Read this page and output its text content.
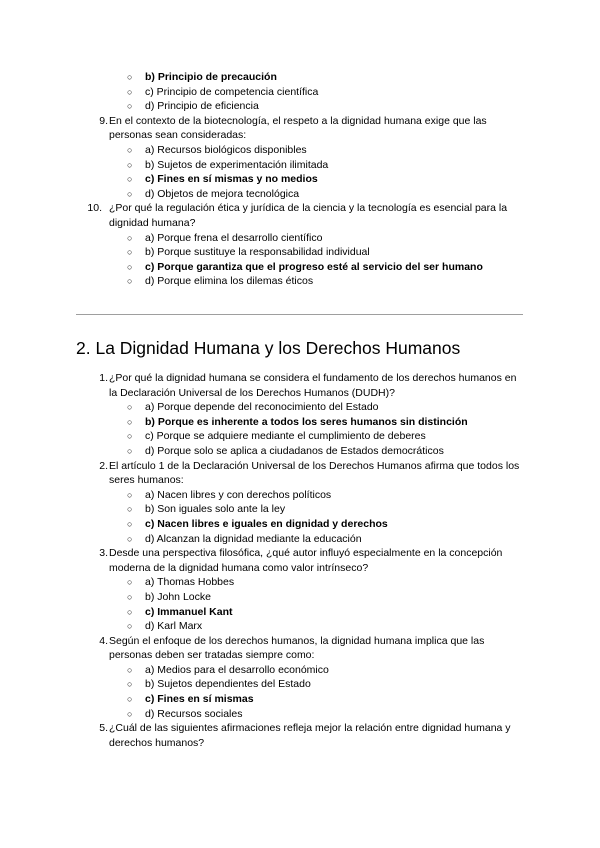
○ b) Principio de precaución
○ c) Principio de competencia científica
○ d) Principio de eficiencia
9. En el contexto de la biotecnología, el respeto a la dignidad humana exige que las personas sean consideradas:
○ a) Recursos biológicos disponibles
○ b) Sujetos de experimentación ilimitada
○ c) Fines en sí mismas y no medios
○ d) Objetos de mejora tecnológica
10. ¿Por qué la regulación ética y jurídica de la ciencia y la tecnología es esencial para la dignidad humana?
○ a) Porque frena el desarrollo científico
○ b) Porque sustituye la responsabilidad individual
○ c) Porque garantiza que el progreso esté al servicio del ser humano
○ d) Porque elimina los dilemas éticos
2. La Dignidad Humana y los Derechos Humanos
1. ¿Por qué la dignidad humana se considera el fundamento de los derechos humanos en la Declaración Universal de los Derechos Humanos (DUDH)?
○ a) Porque depende del reconocimiento del Estado
○ b) Porque es inherente a todos los seres humanos sin distinción
○ c) Porque se adquiere mediante el cumplimiento de deberes
○ d) Porque solo se aplica a ciudadanos de Estados democráticos
2. El artículo 1 de la Declaración Universal de los Derechos Humanos afirma que todos los seres humanos:
○ a) Nacen libres y con derechos políticos
○ b) Son iguales solo ante la ley
○ c) Nacen libres e iguales en dignidad y derechos
○ d) Alcanzan la dignidad mediante la educación
3. Desde una perspectiva filosófica, ¿qué autor influyó especialmente en la concepción moderna de la dignidad humana como valor intrínseco?
○ a) Thomas Hobbes
○ b) John Locke
○ c) Immanuel Kant
○ d) Karl Marx
4. Según el enfoque de los derechos humanos, la dignidad humana implica que las personas deben ser tratadas siempre como:
○ a) Medios para el desarrollo económico
○ b) Sujetos dependientes del Estado
○ c) Fines en sí mismas
○ d) Recursos sociales
5. ¿Cuál de las siguientes afirmaciones refleja mejor la relación entre dignidad humana y derechos humanos?
